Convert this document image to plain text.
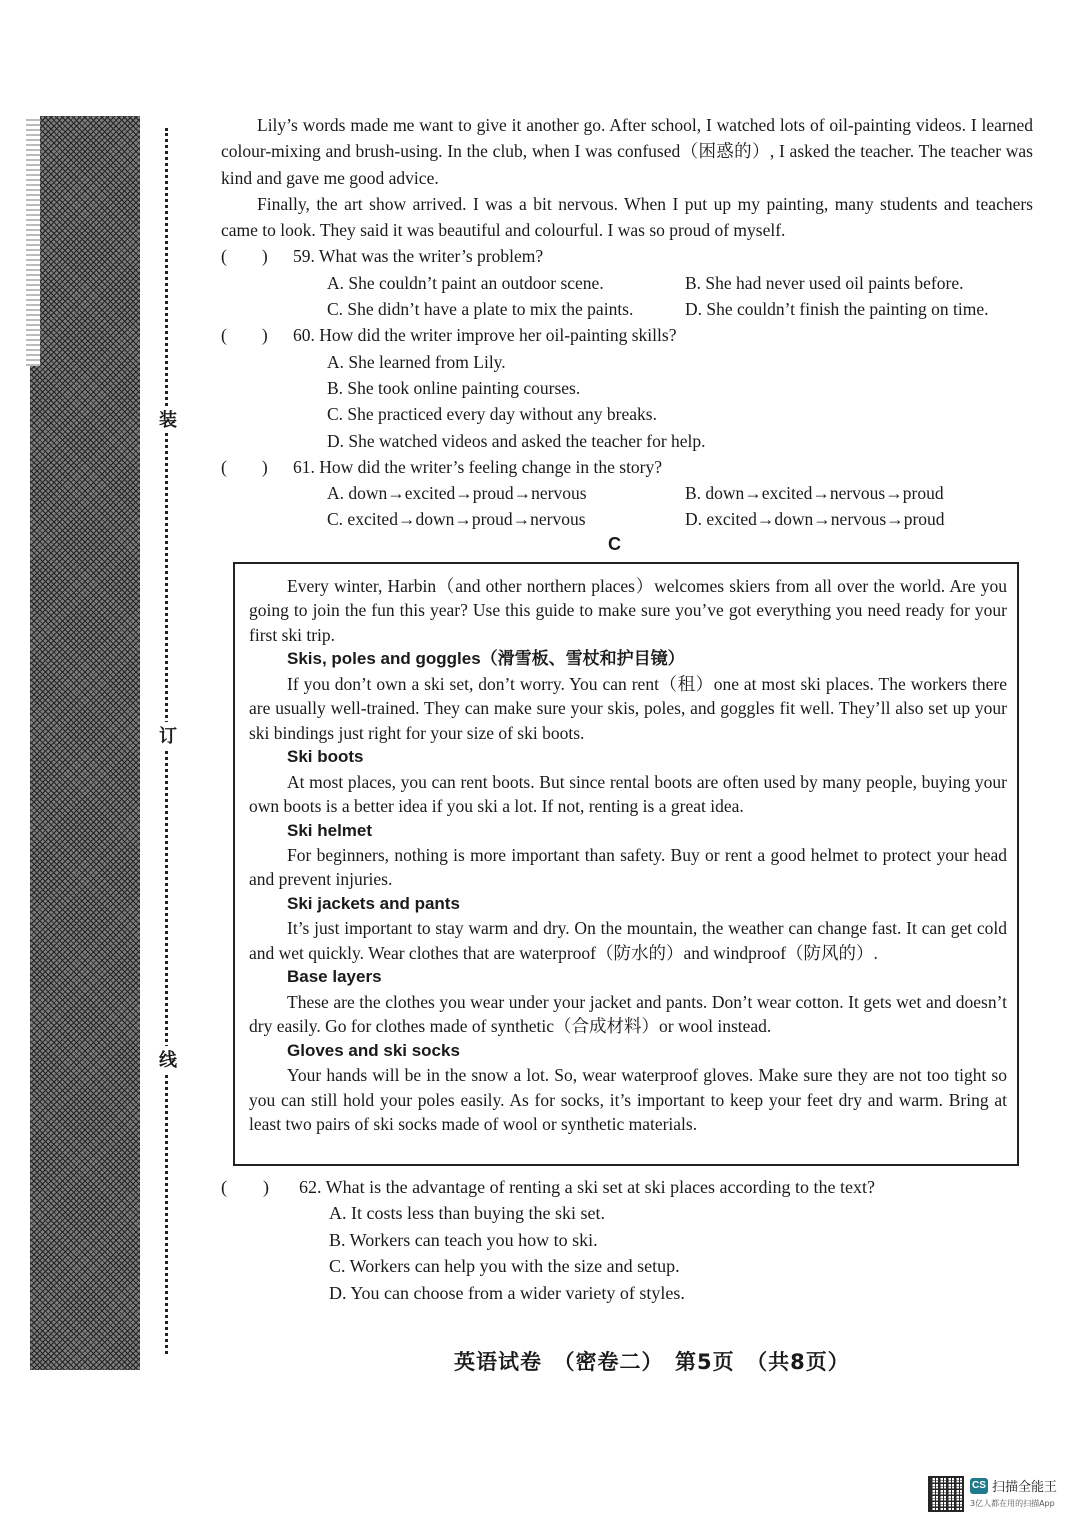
装
订
线

Lily’s words made me want to give it another go. After school, I watched lots of oil-painting videos. I learned colour-mixing and brush-using. In the club, when I was confused（困惑的）, I asked the teacher. The teacher was kind and gave me good advice.

Finally, the art show arrived. I was a bit nervous. When I put up my painting, many students and teachers came to look. They said it was beautiful and colourful. I was so proud of myself.

(　　)	59. What was the writer’s problem?
A. She couldn’t paint an outdoor scene.	B. She had never used oil paints before.
C. She didn’t have a plate to mix the paints.	D. She couldn’t finish the painting on time.
(　　)	60. How did the writer improve her oil-painting skills?
A. She learned from Lily.
B. She took online painting courses.
C. She practiced every day without any breaks.
D. She watched videos and asked the teacher for help.
(　　)	61. How did the writer’s feeling change in the story?
A. down→excited→proud→nervous	B. down→excited→nervous→proud
C. excited→down→proud→nervous	D. excited→down→nervous→proud
C

Every winter, Harbin（and other northern places）welcomes skiers from all over the world. Are you going to join the fun this year? Use this guide to make sure you’ve got everything you need ready for your first ski trip.

Skis, poles and goggles（滑雪板、雪杖和护目镜）

If you don’t own a ski set, don’t worry. You can rent（租）one at most ski places. The workers there are usually well-trained. They can make sure your skis, poles, and goggles fit well. They’ll also set up your ski bindings just right for your size of ski boots.

Ski boots

At most places, you can rent boots. But since rental boots are often used by many people, buying your own boots is a better idea if you ski a lot. If not, renting is a great idea.

Ski helmet

For beginners, nothing is more important than safety. Buy or rent a good helmet to protect your head and prevent injuries.

Ski jackets and pants

It’s just important to stay warm and dry. On the mountain, the weather can change fast. It can get cold and wet quickly. Wear clothes that are waterproof（防水的）and windproof（防风的）.

Base layers

These are the clothes you wear under your jacket and pants. Don’t wear cotton. It gets wet and doesn’t dry easily. Go for clothes made of synthetic（合成材料）or wool instead.

Gloves and ski socks

Your hands will be in the snow a lot. So, wear waterproof gloves. Make sure they are not too tight so you can still hold your poles easily. As for socks, it’s important to keep your feet dry and warm. Bring at least two pairs of ski socks made of wool or synthetic materials.

(　　)	62. What is the advantage of renting a ski set at ski places according to the text?
A. It costs less than buying the ski set.
B. Workers can teach you how to ski.
C. Workers can help you with the size and setup.
D. You can choose from a wider variety of styles.
英语试卷　（密卷二）　第5页　（共8页）
CS 扫描全能王
3亿人都在用的扫描App
